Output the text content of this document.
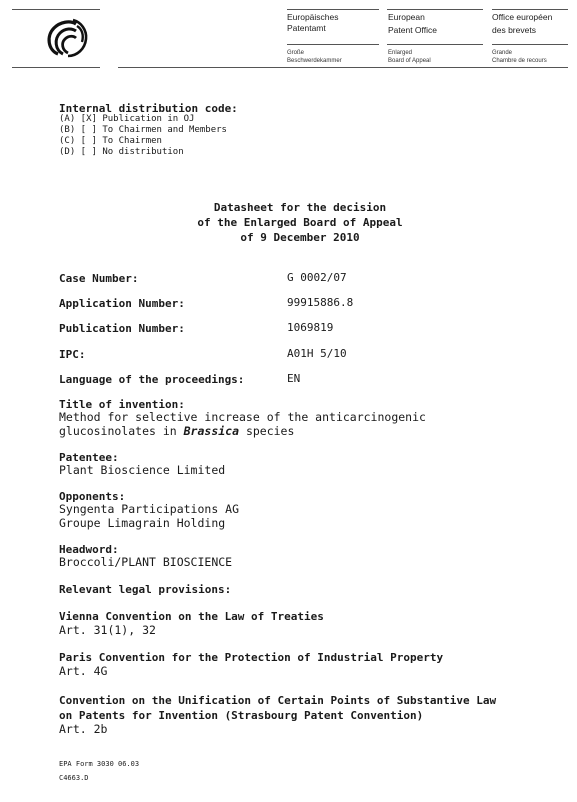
Europäisches
Patentamt
European
Patent Office
Office européen
des brevets
Große
Beschwerdekammer
Enlarged
Board of Appeal
Grande
Chambre de recours
Internal distribution code:
(A) [X] Publication in OJ
(B) [ ] To Chairmen and Members
(C) [ ] To Chairmen
(D) [ ] No distribution
Datasheet for the decision
of the Enlarged Board of Appeal
of 9 December 2010
Case Number:	G 0002/07
Application Number:	99915886.8
Publication Number:	1069819
IPC:	A01H 5/10
Language of the proceedings:	EN
Title of invention:
Method for selective increase of the anticarcinogenic
glucosinolates in Brassica species
Patentee:
Plant Bioscience Limited
Opponents:
Syngenta Participations AG
Groupe Limagrain Holding
Headword:
Broccoli/PLANT BIOSCIENCE
Relevant legal provisions:
Vienna Convention on the Law of Treaties
Art. 31(1), 32
Paris Convention for the Protection of Industrial Property
Art. 4G
Convention on the Unification of Certain Points of Substantive Law
on Patents for Invention (Strasbourg Patent Convention)
Art. 2b
EPA Form 3030 06.03
C4663.D
